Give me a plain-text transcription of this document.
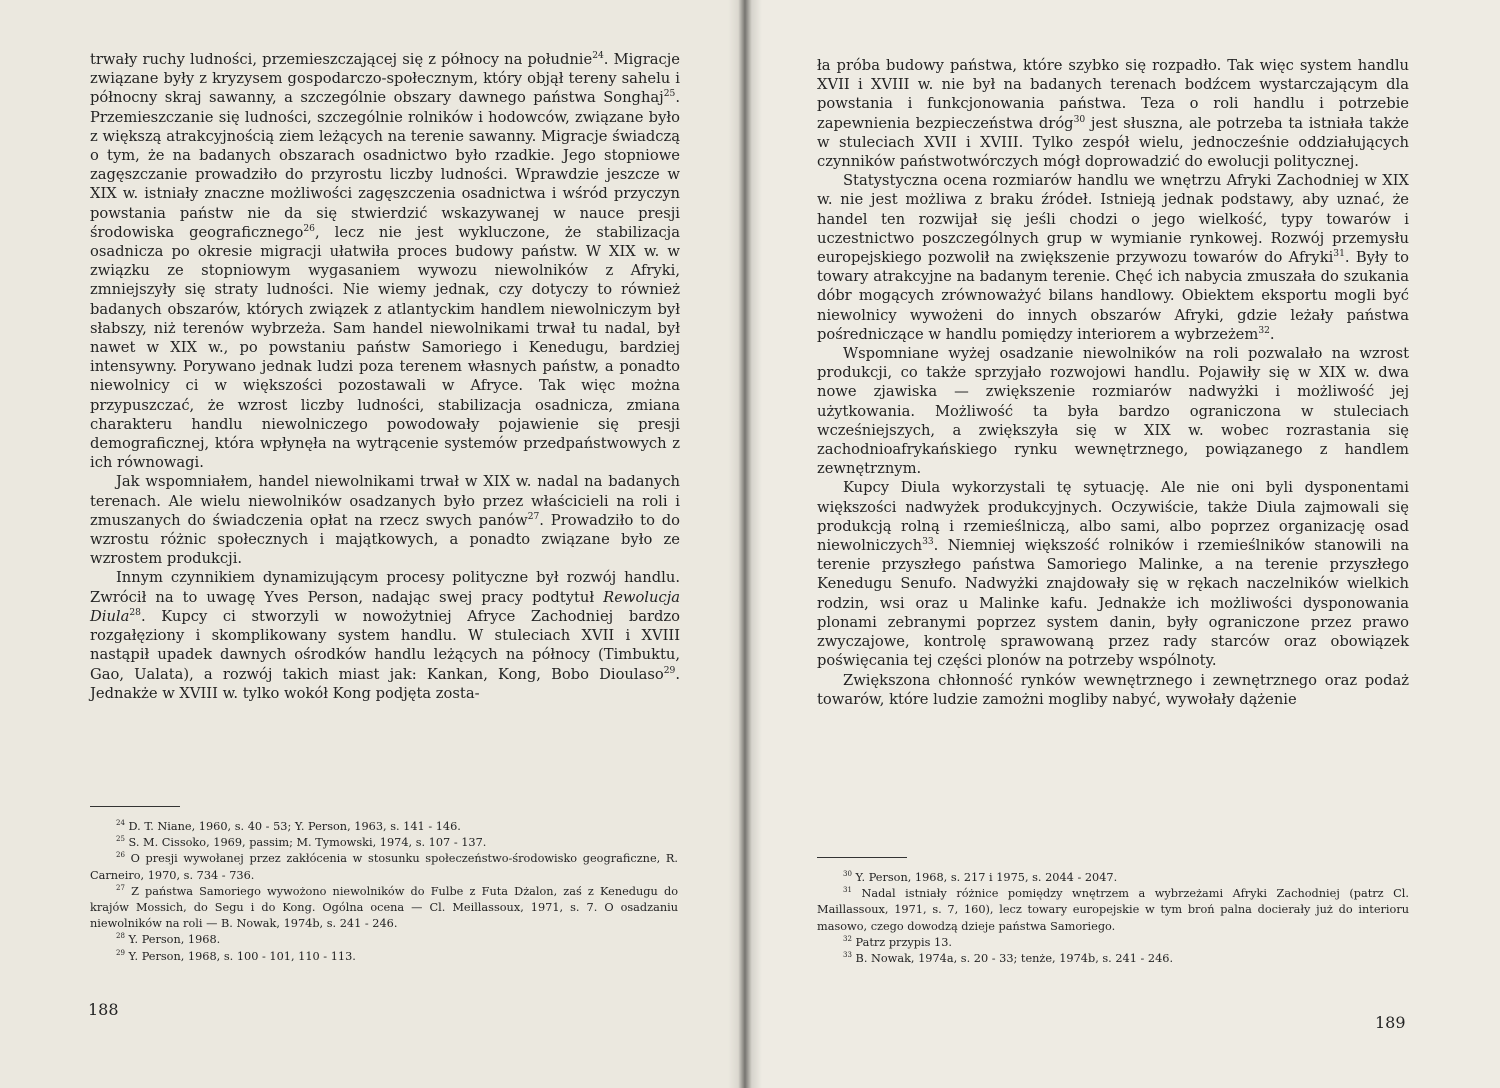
trwały ruchy ludności, przemieszczającej się z północy na południe$^{24}$. Migracje związane były z kryzysem gospodarczo-społecznym, który objął tereny sahelu i północny skraj sawanny, a szczególnie obszary dawnego państwa Songhaj$^{25}$. Przemieszczanie się ludności, szczególnie rolników i hodowców, związane było z większą atrakcyjnością ziem leżących na terenie sawanny. Migracje świadczą o tym, że na badanych obszarach osadnictwo było rzadkie. Jego stopniowe zagęszczanie prowadziło do przyrostu liczby ludności. Wprawdzie jeszcze w XIX w. istniały znaczne możliwości zagęszczenia osadnictwa i wśród przyczyn powstania państw nie da się stwierdzić wskazywanej w nauce presji środowiska geograficznego$^{26}$, lecz nie jest wykluczone, że stabilizacja osadnicza po okresie migracji ułatwiła proces budowy państw. W XIX w. w związku ze stopniowym wygasaniem wywozu niewolników z Afryki, zmniejszyły się straty ludności. Nie wiemy jednak, czy dotyczy to również badanych obszarów, których związek z atlantyckim handlem niewolniczym był słabszy, niż terenów wybrzeża. Sam handel niewolnikami trwał tu nadal, był nawet w XIX w., po powstaniu państw Samoriego i Kenedugu, bardziej intensywny. Porywano jednak ludzi poza terenem własnych państw, a ponadto niewolnicy ci w większości pozostawali w Afryce. Tak więc można przypuszczać, że wzrost liczby ludności, stabilizacja osadnicza, zmiana charakteru handlu niewolniczego powodowały pojawienie się presji demograficznej, która wpłynęła na wytrącenie systemów przedpaństwowych z ich równowagi.

Jak wspomniałem, handel niewolnikami trwał w XIX w. nadal na badanych terenach. Ale wielu niewolników osadzanych było przez właścicieli na roli i zmuszanych do świadczenia opłat na rzecz swych panów$^{27}$. Prowadziło to do wzrostu różnic społecznych i majątkowych, a ponadto związane było ze wzrostem produkcji.

Innym czynnikiem dynamizującym procesy polityczne był rozwój handlu. Zwrócił na to uwagę Yves Person, nadając swej pracy podtytuł Rewolucja Diula$^{28}$. Kupcy ci stworzyli w nowożytniej Afryce Zachodniej bardzo rozgałęziony i skomplikowany system handlu. W stuleciach XVII i XVIII nastąpił upadek dawnych ośrodków handlu leżących na północy (Timbuktu, Gao, Ualata), a rozwój takich miast jak: Kankan, Kong, Bobo Dioulaso$^{29}$. Jednakże w XVIII w. tylko wokół Kong podjęta zosta-

$^{24}$ D. T. Niane, 1960, s. 40 - 53; Y. Person, 1963, s. 141 - 146.

$^{25}$ S. M. Cissoko, 1969, passim; M. Tymowski, 1974, s. 107 - 137.

$^{26}$ O presji wywołanej przez zakłócenia w stosunku społeczeństwo-środowisko geograficzne, R. Carneiro, 1970, s. 734 - 736.

$^{27}$ Z państwa Samoriego wywożono niewolników do Fulbe z Futa Dżalon, zaś z Kenedugu do krajów Mossich, do Segu i do Kong. Ogólna ocena — Cl. Meillassoux, 1971, s. 7. O osadzaniu niewolników na roli — B. Nowak, 1974b, s. 241 - 246.

$^{28}$ Y. Person, 1968.

$^{29}$ Y. Person, 1968, s. 100 - 101, 110 - 113.

188

ła próba budowy państwa, które szybko się rozpadło. Tak więc system handlu XVII i XVIII w. nie był na badanych terenach bodźcem wystarczającym dla powstania i funkcjonowania państwa. Teza o roli handlu i potrzebie zapewnienia bezpieczeństwa dróg$^{30}$ jest słuszna, ale potrzeba ta istniała także w stuleciach XVII i XVIII. Tylko zespół wielu, jednocześnie oddziałujących czynników państwotwórczych mógł doprowadzić do ewolucji politycznej.

Statystyczna ocena rozmiarów handlu we wnętrzu Afryki Zachodniej w XIX w. nie jest możliwa z braku źródeł. Istnieją jednak podstawy, aby uznać, że handel ten rozwijał się jeśli chodzi o jego wielkość, typy towarów i uczestnictwo poszczególnych grup w wymianie rynkowej. Rozwój przemysłu europejskiego pozwolił na zwiększenie przywozu towarów do Afryki$^{31}$. Były to towary atrakcyjne na badanym terenie. Chęć ich nabycia zmuszała do szukania dóbr mogących zrównoważyć bilans handlowy. Obiektem eksportu mogli być niewolnicy wywożeni do innych obszarów Afryki, gdzie leżały państwa pośredniczące w handlu pomiędzy interiorem a wybrzeżem$^{32}$.

Wspomniane wyżej osadzanie niewolników na roli pozwalało na wzrost produkcji, co także sprzyjało rozwojowi handlu. Pojawiły się w XIX w. dwa nowe zjawiska — zwiększenie rozmiarów nadwyżki i możliwość jej użytkowania. Możliwość ta była bardzo ograniczona w stuleciach wcześniejszych, a zwiększyła się w XIX w. wobec rozrastania się zachodnioafrykańskiego rynku wewnętrznego, powiązanego z handlem zewnętrznym.

Kupcy Diula wykorzystali tę sytuację. Ale nie oni byli dysponentami większości nadwyżek produkcyjnych. Oczywiście, także Diula zajmowali się produkcją rolną i rzemieślniczą, albo sami, albo poprzez organizację osad niewolniczych$^{33}$. Niemniej większość rolników i rzemieślników stanowili na terenie przyszłego państwa Samoriego Malinke, a na terenie przyszłego Kenedugu Senufo. Nadwyżki znajdowały się w rękach naczelników wielkich rodzin, wsi oraz u Malinke kafu. Jednakże ich możliwości dysponowania plonami zebranymi poprzez system danin, były ograniczone przez prawo zwyczajowe, kontrolę sprawowaną przez rady starców oraz obowiązek poświęcania tej części plonów na potrzeby wspólnoty.

Zwiększona chłonność rynków wewnętrznego i zewnętrznego oraz podaż towarów, które ludzie zamożni mogliby nabyć, wywołały dążenie

$^{30}$ Y. Person, 1968, s. 217 i 1975, s. 2044 - 2047.

$^{31}$ Nadal istniały różnice pomiędzy wnętrzem a wybrzeżami Afryki Zachodniej (patrz Cl. Maillassoux, 1971, s. 7, 160), lecz towary europejskie w tym broń palna docierały już do interioru masowo, czego dowodzą dzieje państwa Samoriego.

$^{32}$ Patrz przypis 13.

$^{33}$ B. Nowak, 1974a, s. 20 - 33; tenże, 1974b, s. 241 - 246.

189
